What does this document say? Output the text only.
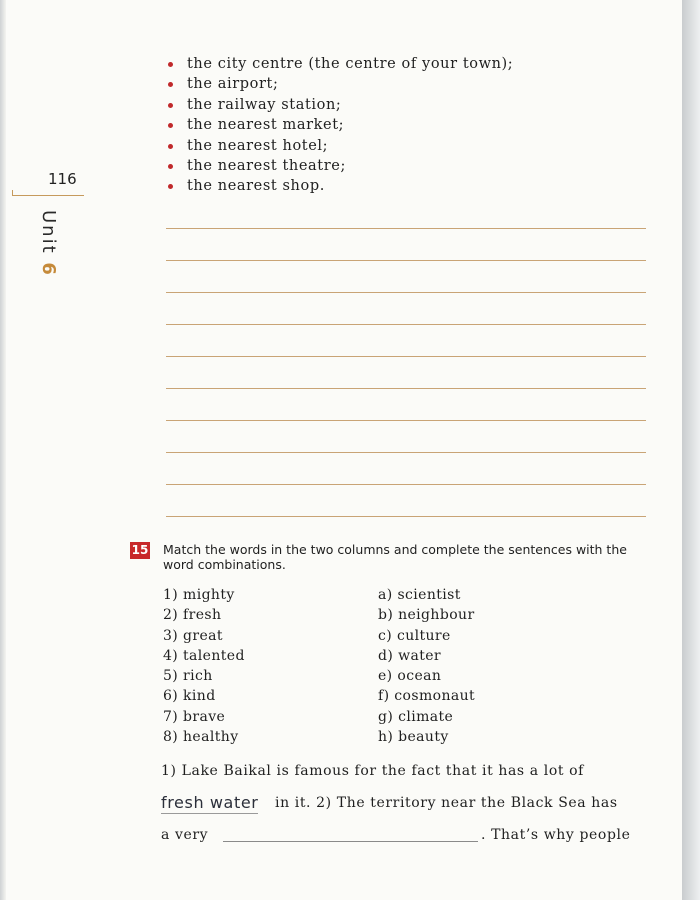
116
Unit 6
the city centre (the centre of your town);
the airport;
the railway station;
the nearest market;
the nearest hotel;
the nearest theatre;
the nearest shop.
15 Match the words in the two columns and complete the sentences with the word combinations.
1) mighty
2) fresh
3) great
4) talented
5) rich
6) kind
7) brave
8) healthy
a) scientist
b) neighbour
c) culture
d) water
e) ocean
f) cosmonaut
g) climate
h) beauty
1) Lake Baikal is famous for the fact that it has a lot of
fresh water in it. 2) The territory near the Black Sea has
a very	. That’s why people
